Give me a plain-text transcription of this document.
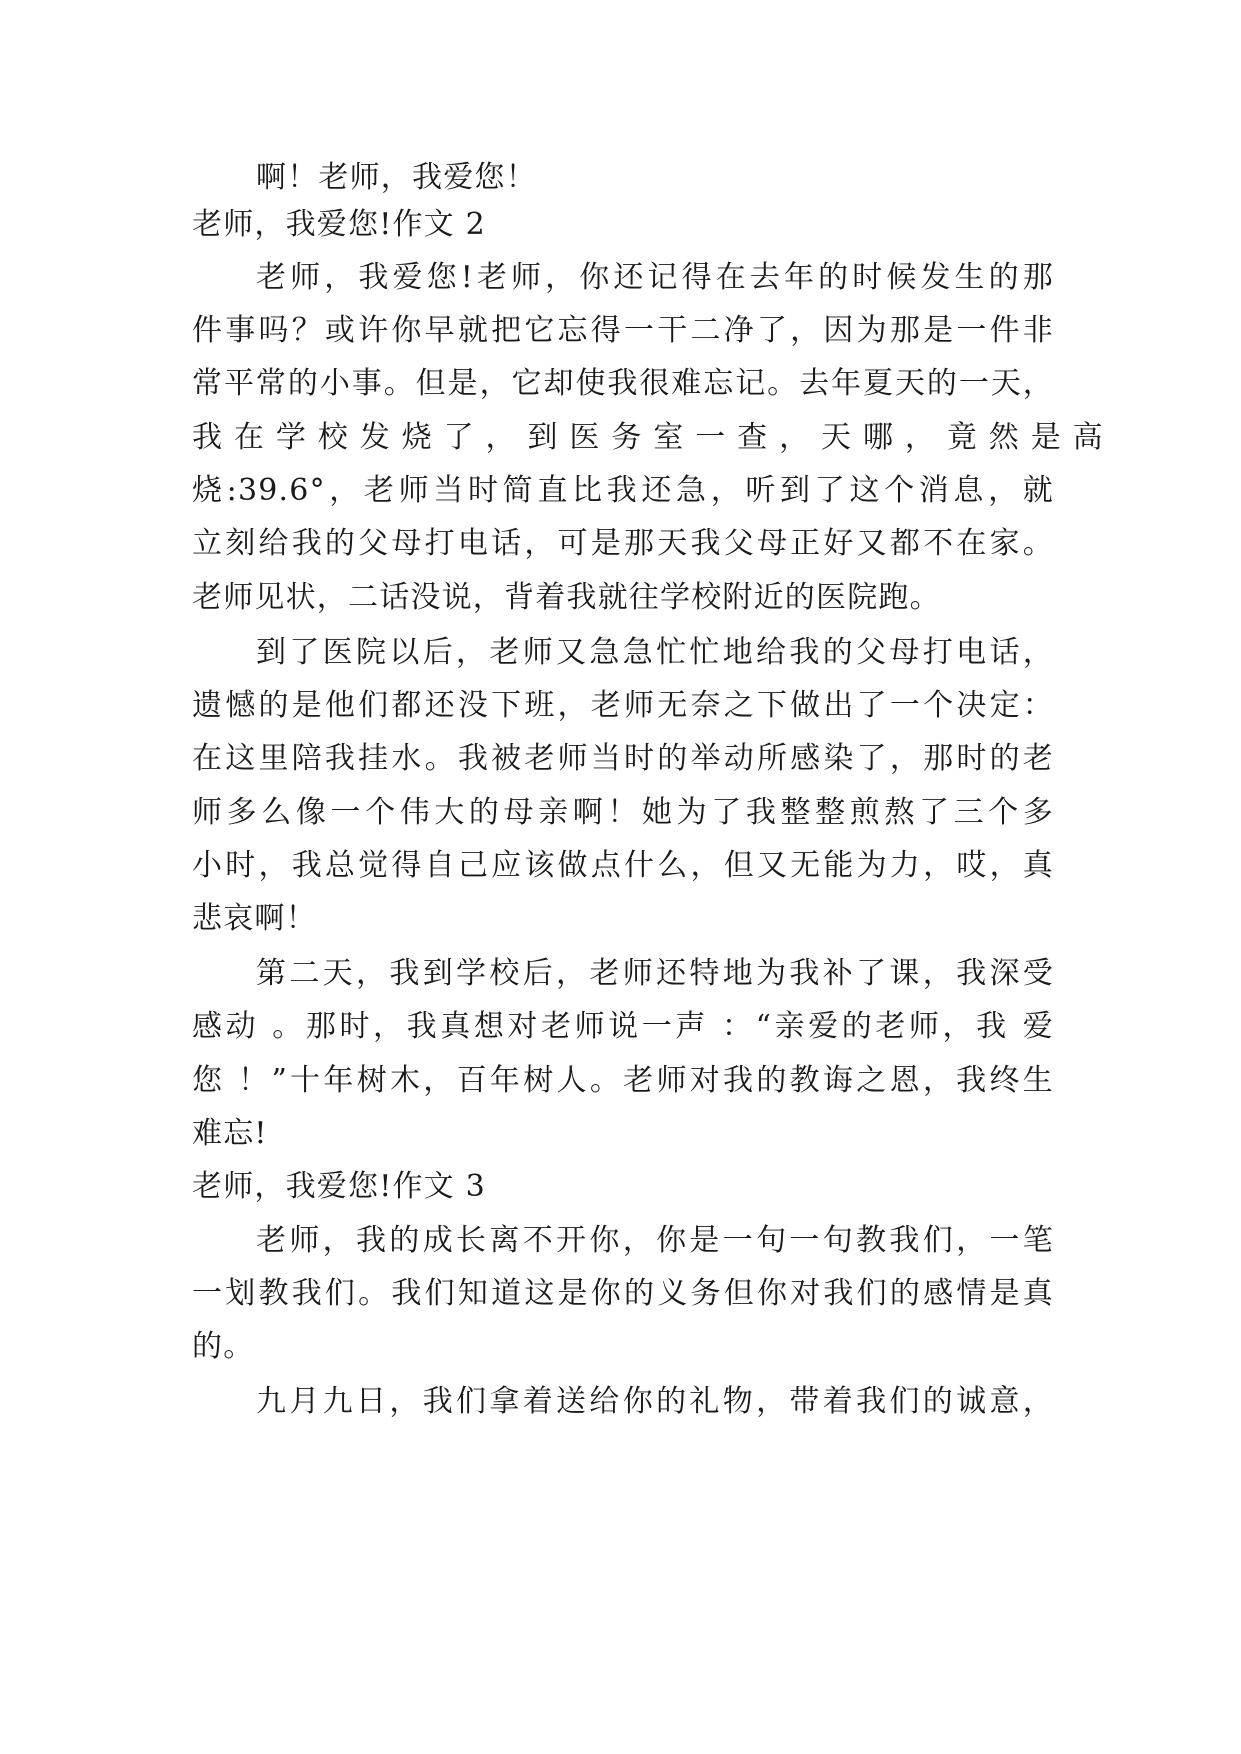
啊！老师，我爱您！
老师，我爱您!作文 2
老师，我爱您!老师，你还记得在去年的时候发生的那
件事吗？或许你早就把它忘得一干二净了，因为那是一件非
常平常的小事。但是，它却使我很难忘记。去年夏天的一天，
我 在 学 校 发 烧 了 ， 到 医 务 室 一 查 ， 天 哪 ， 竟 然 是 高
烧:39.6°，老师当时简直比我还急，听到了这个消息，就
立刻给我的父母打电话，可是那天我父母正好又都不在家。
老师见状，二话没说，背着我就往学校附近的医院跑。
到了医院以后，老师又急急忙忙地给我的父母打电话，
遗憾的是他们都还没下班，老师无奈之下做出了一个决定：
在这里陪我挂水。我被老师当时的举动所感染了，那时的老
师多么像一个伟大的母亲啊！她为了我整整煎熬了三个多
小时，我总觉得自己应该做点什么，但又无能为力，哎，真
悲哀啊！
第二天，我到学校后，老师还特地为我补了课，我深受
感动 。那时，我真想对老师说一声 ：“亲爱的老师，我 爱
您 ！”十年树木，百年树人。老师对我的教诲之恩，我终生
难忘!
老师，我爱您!作文 3
老师，我的成长离不开你，你是一句一句教我们，一笔
一划教我们。我们知道这是你的义务但你对我们的感情是真
的。
九月九日，我们拿着送给你的礼物，带着我们的诚意，
